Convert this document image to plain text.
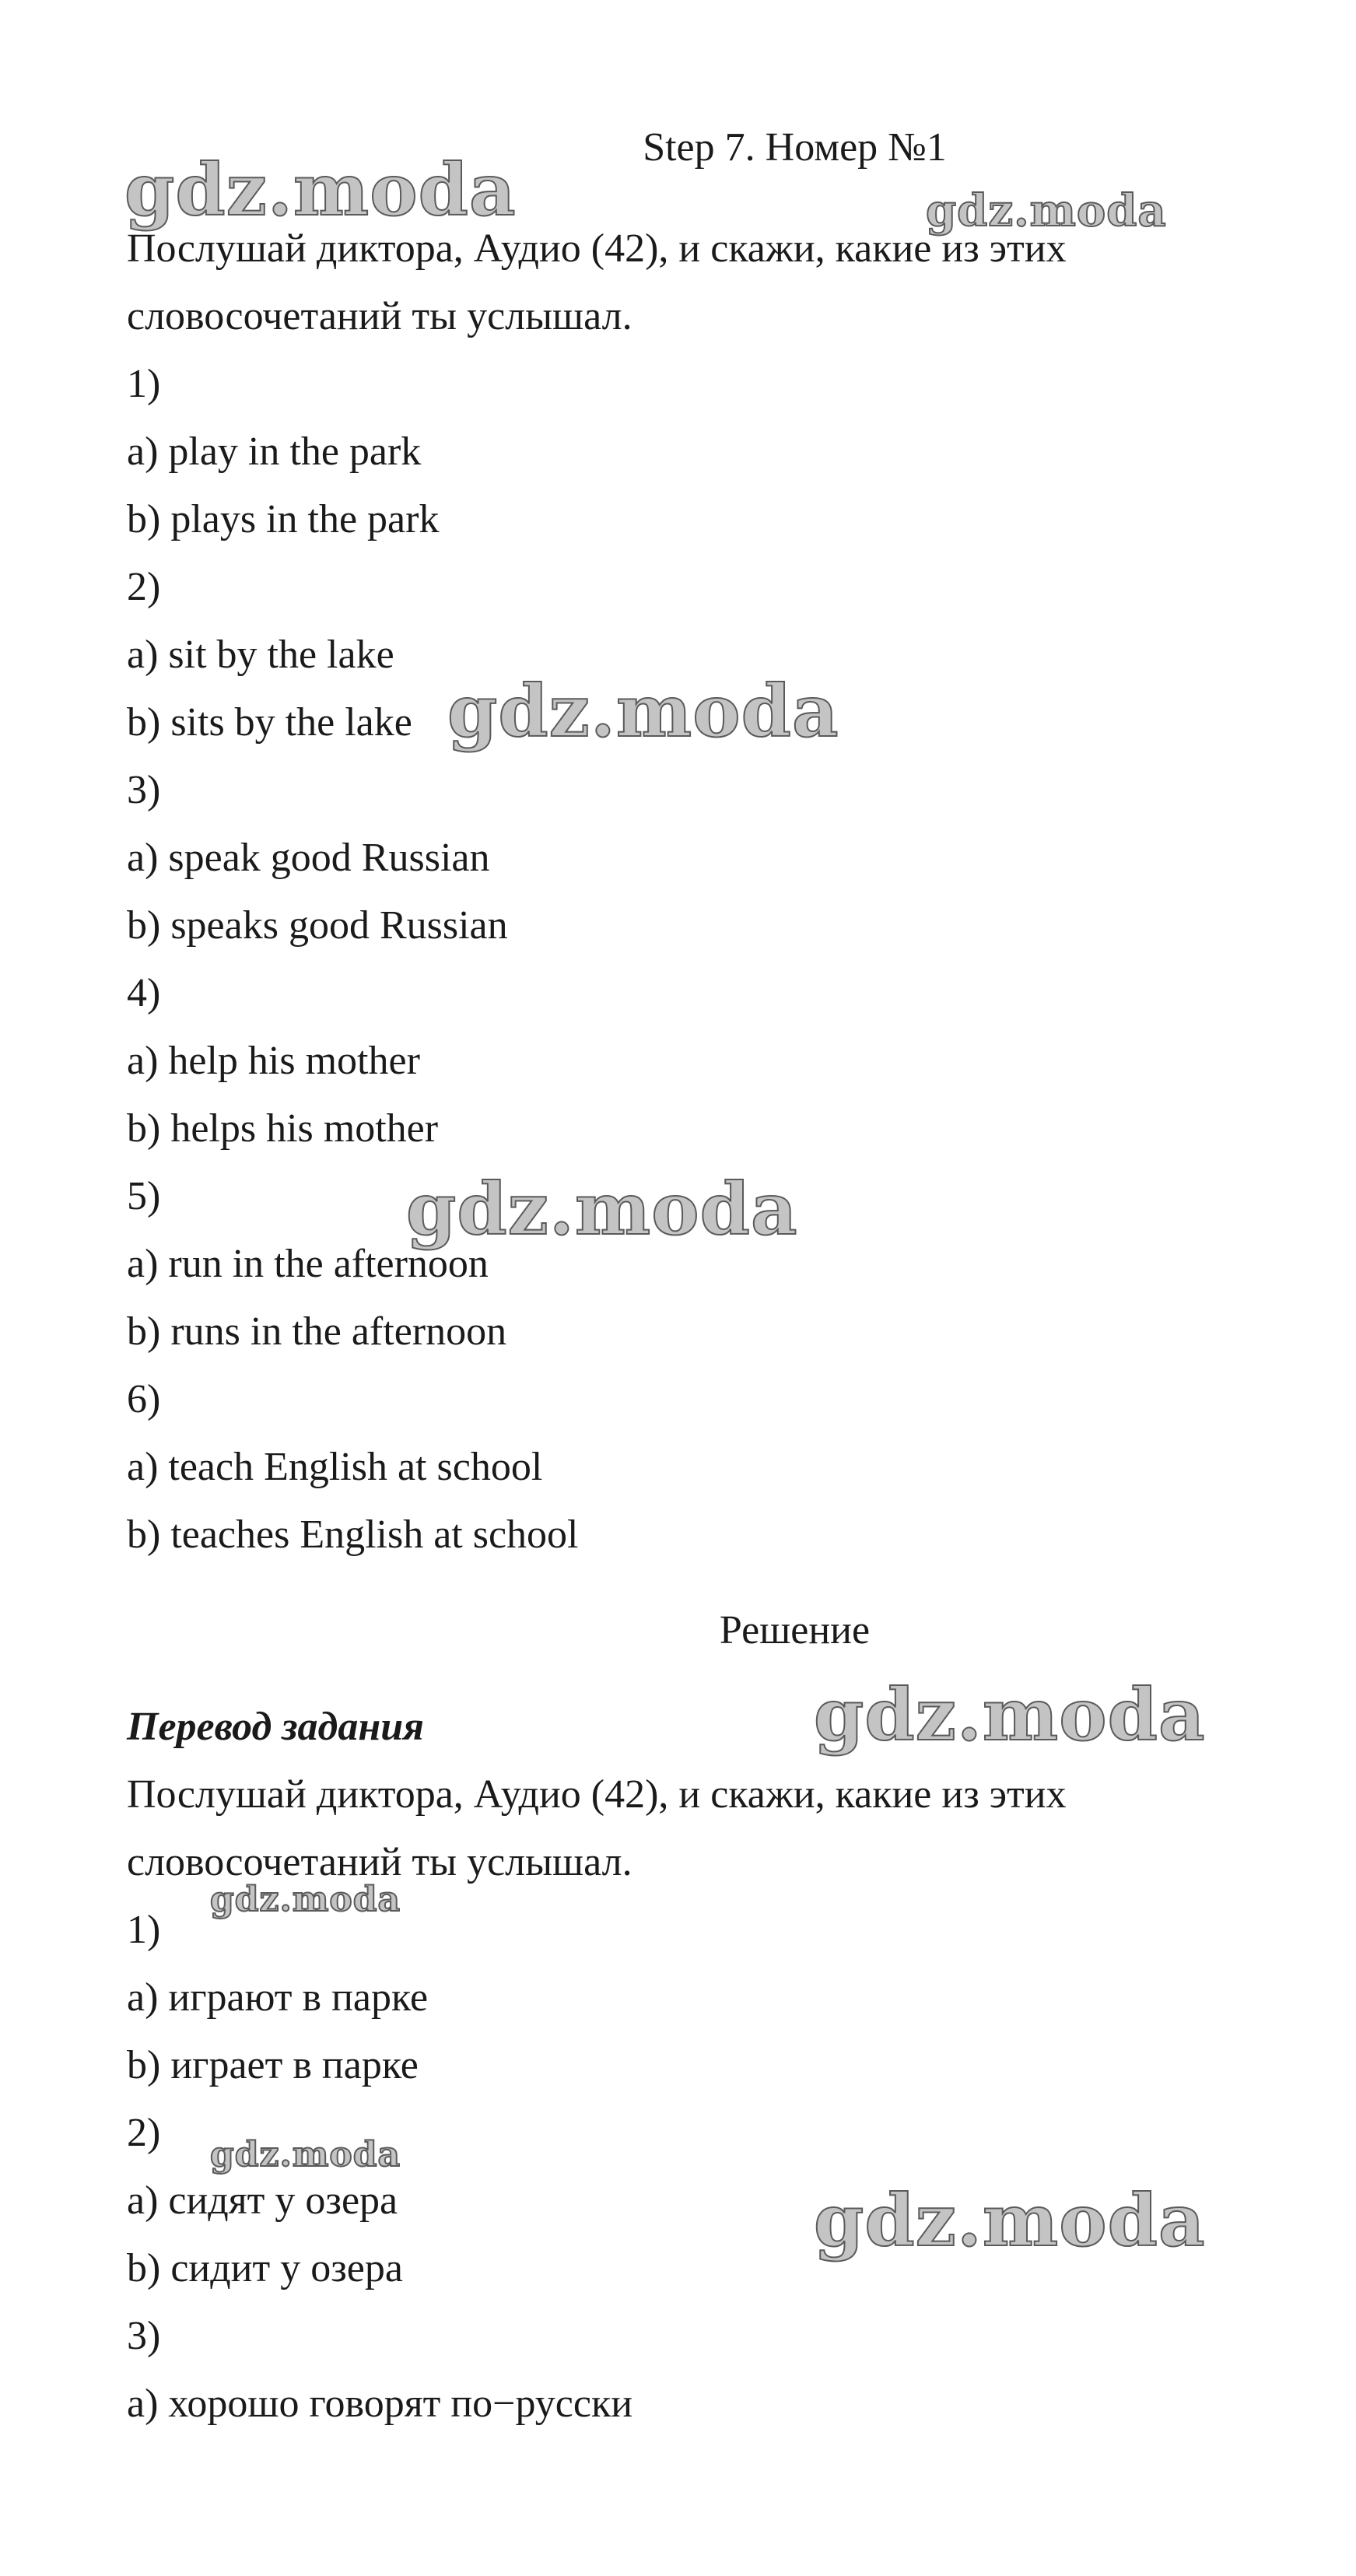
Step 7. Номер №1
Послушай диктора, Аудио (42), и скажи, какие из этих
словосочетаний ты услышал.
1)
a) play in the park
b) plays in the park
2)
a) sit by the lake
b) sits by the lake
3)
a) speak good Russian
b) speaks good Russian
4)
a) help his mother
b) helps his mother
5)
a) run in the afternoon
b) runs in the afternoon
6)
a) teach English at school
b) teaches English at school
Решение
Перевод задания
Послушай диктора, Аудио (42), и скажи, какие из этих
словосочетаний ты услышал.
1)
a) играют в парке
b) играет в парке
2)
a) сидят у озера
b) сидит у озера
3)
a) хорошо говорят по−русски
gdz.moda	gdz.moda
gdz.moda
gdz.moda
gdz.moda
gdz.moda
gdz.moda
gdz.moda
